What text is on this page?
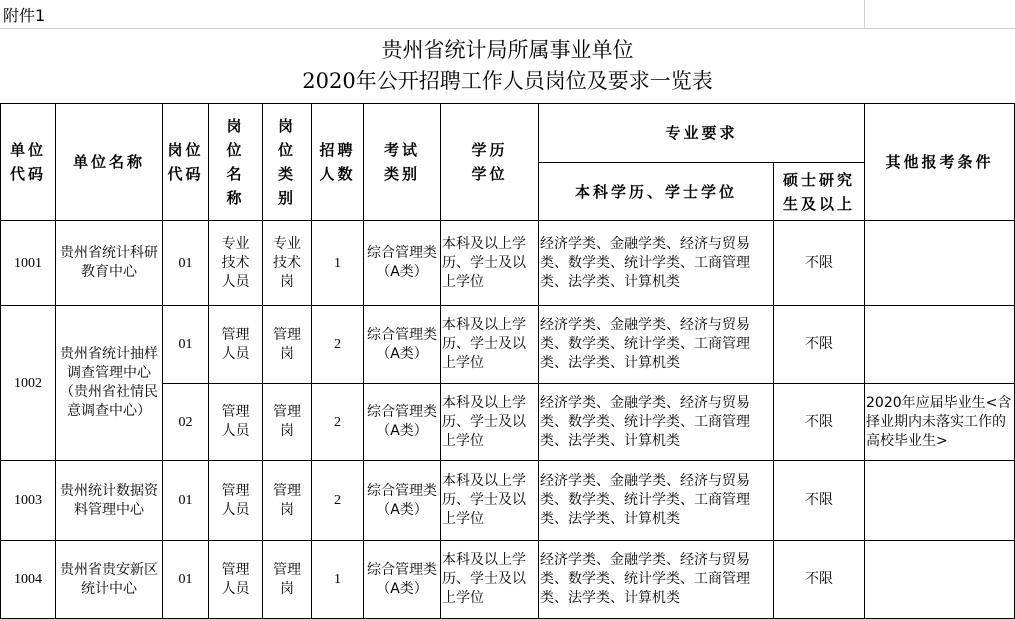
附件1
贵州省统计局所属事业单位
2020年公开招聘工作人员岗位及要求一览表
单位代码	单位名称	岗位代码	岗位名称	岗位类别	招聘人数	考试类别	学历学位	专业要求		其他报考条件
								本科学历、学士学位	硕士研究生及以上	
1001	贵州省统计科研教育中心	01	专业技术人员	专业技术岗	1	综合管理类（A类）	本科及以上学历、学士及以上学位	经济学类、金融学类、经济与贸易类、数学类、统计学类、工商管理类、法学类、计算机类	不限	
1002	贵州省统计抽样调查管理中心（贵州省社情民意调查中心）	01	管理人员	管理岗	2	综合管理类（A类）	本科及以上学历、学士及以上学位	经济学类、金融学类、经济与贸易类、数学类、统计学类、工商管理类、法学类、计算机类	不限	
		02	管理人员	管理岗	2	综合管理类（A类）	本科及以上学历、学士及以上学位	经济学类、金融学类、经济与贸易类、数学类、统计学类、工商管理类、法学类、计算机类	不限	2020年应届毕业生<含择业期内未落实工作的高校毕业生>
1003	贵州统计数据资料管理中心	01	管理人员	管理岗	2	综合管理类（A类）	本科及以上学历、学士及以上学位	经济学类、金融学类、经济与贸易类、数学类、统计学类、工商管理类、法学类、计算机类	不限	
1004	贵州省贵安新区统计中心	01	管理人员	管理岗	1	综合管理类（A类）	本科及以上学历、学士及以上学位	经济学类、金融学类、经济与贸易类、数学类、统计学类、工商管理类、法学类、计算机类	不限	
